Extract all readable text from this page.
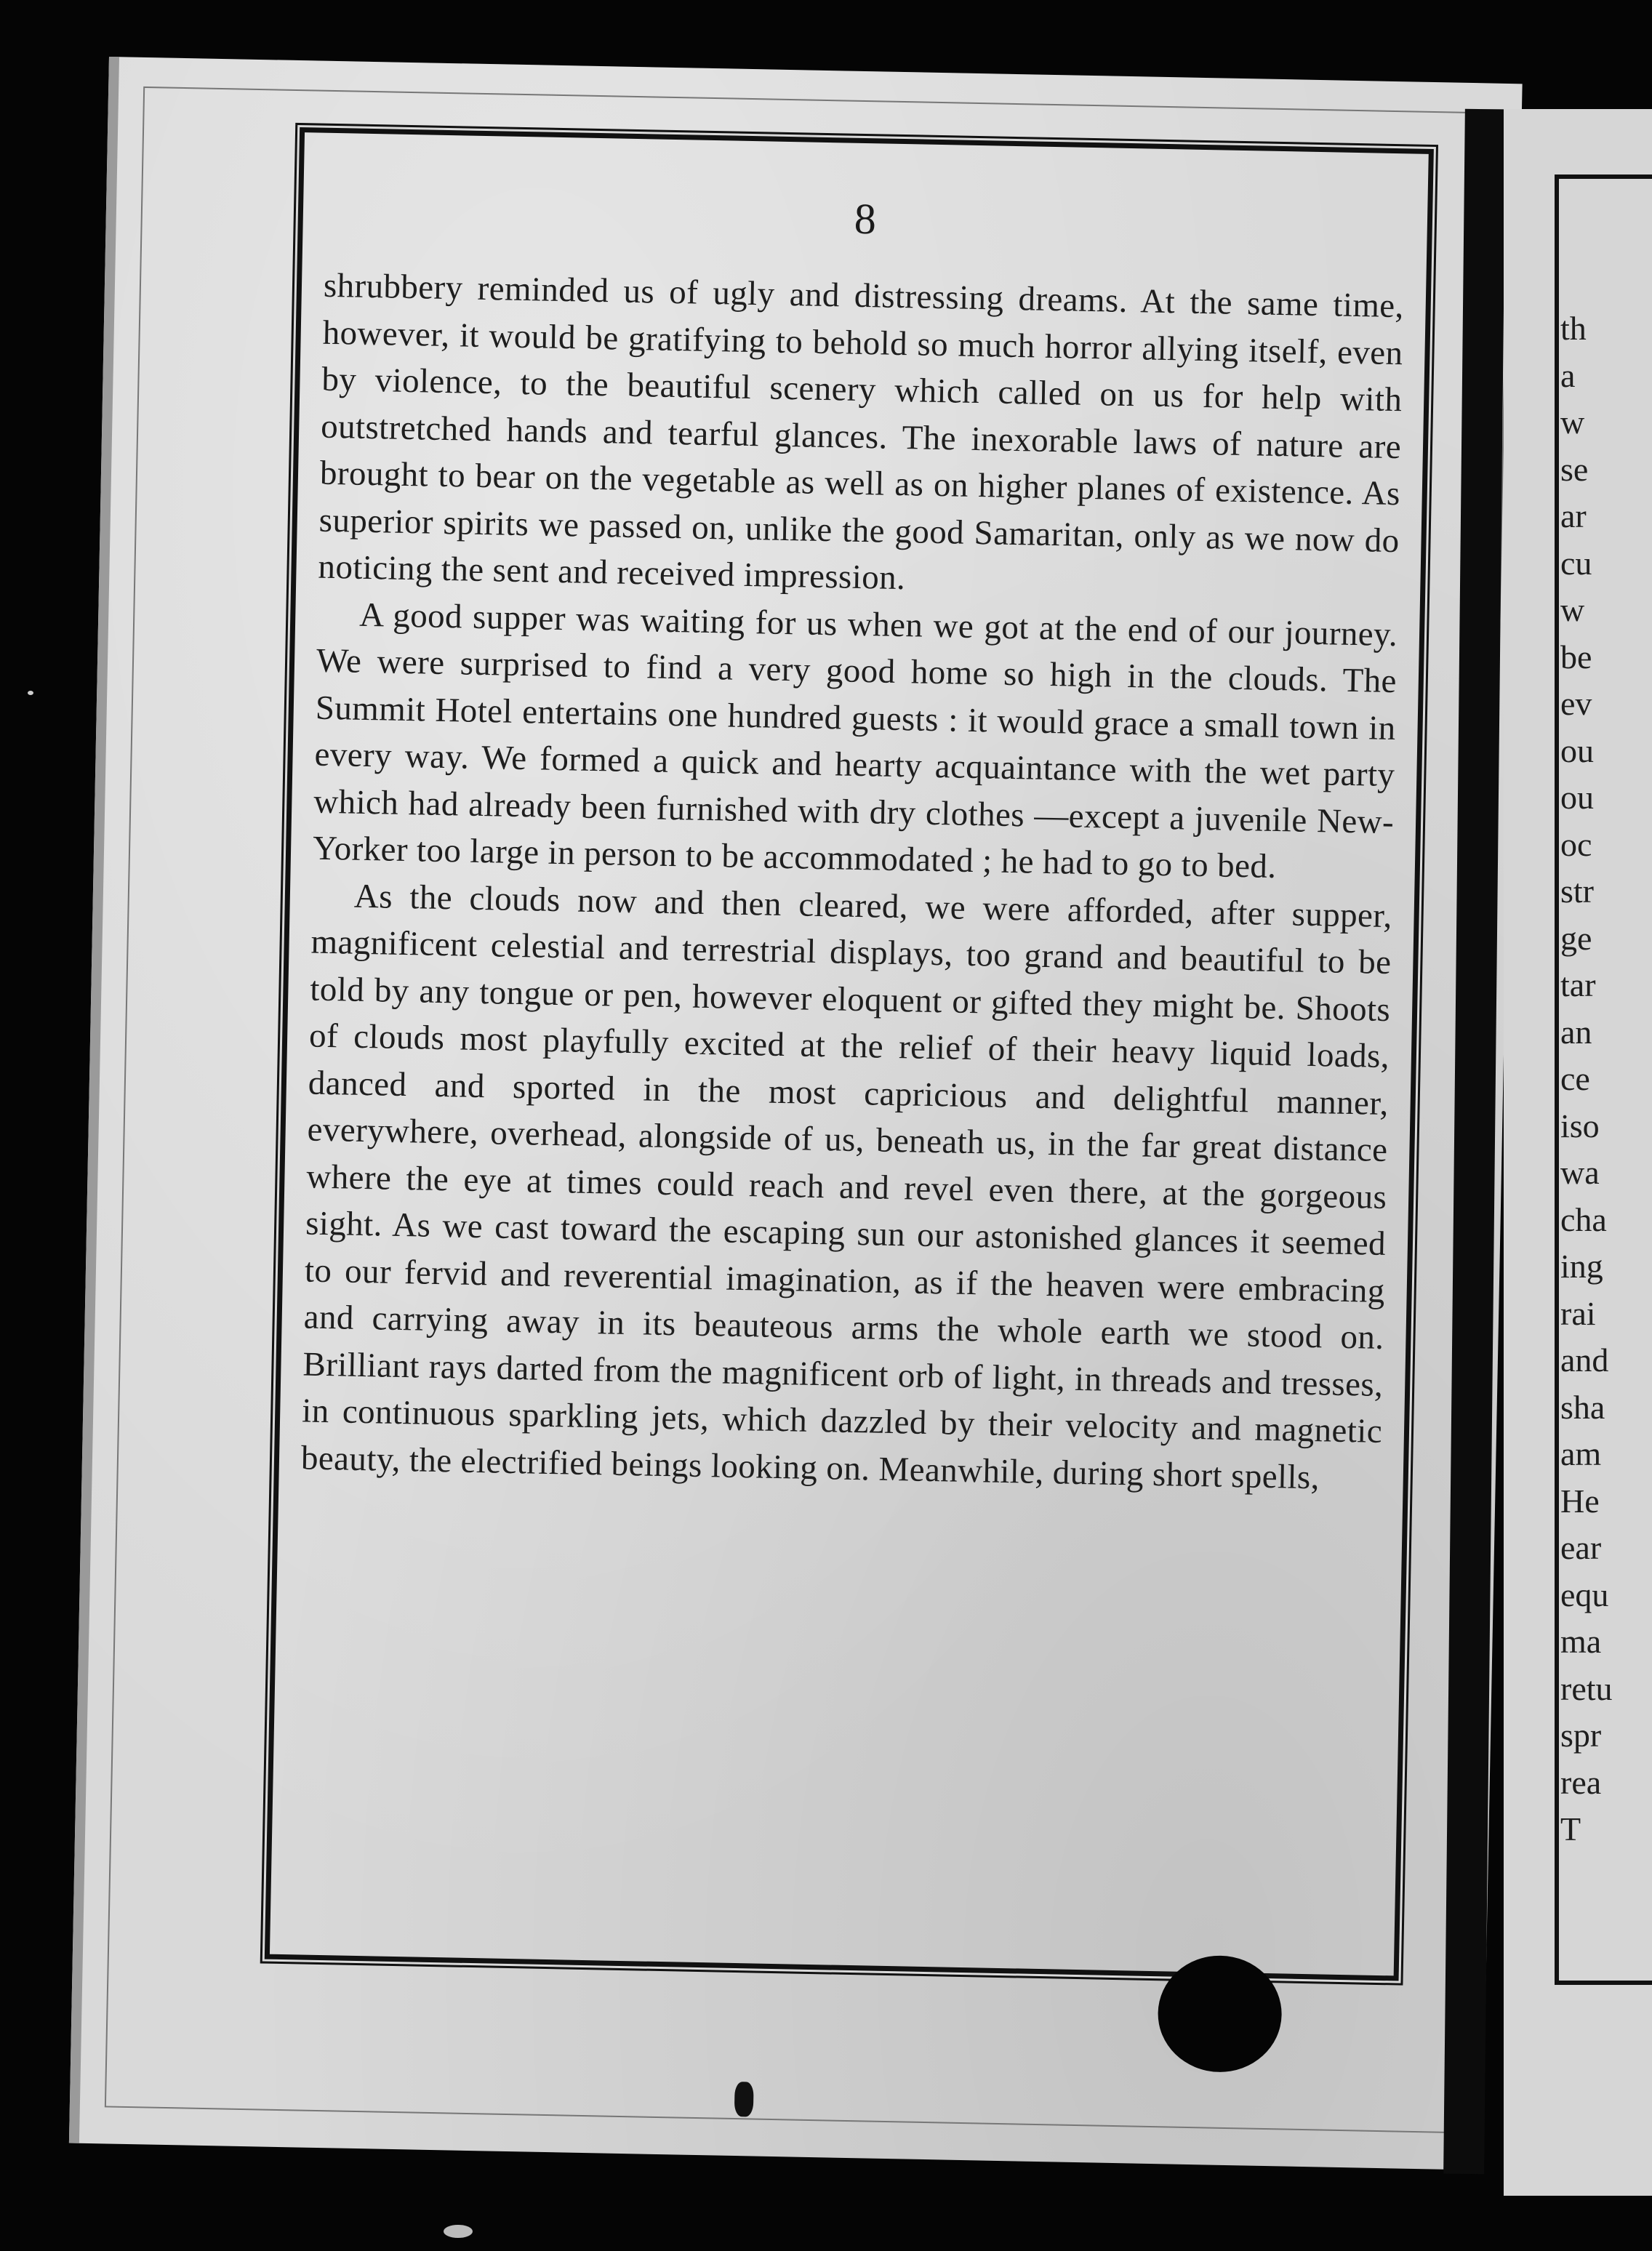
8

shrubbery reminded us of ugly and distressing dreams. At the same time, however, it would be gratifying to behold so much horror allying itself, even by violence, to the beautiful scenery which called on us for help with outstretched hands and tearful glances. The inexorable laws of nature are brought to bear on the vegetable as well as on higher planes of existence. As superior spirits we passed on, unlike the good Samaritan, only as we now do noticing the sent and received impression.

A good supper was waiting for us when we got at the end of our journey. We were surprised to find a very good home so high in the clouds. The Summit Hotel entertains one hundred guests : it would grace a small town in every way. We formed a quick and hearty acquaintance with the wet party which had already been furnished with dry clothes —except a juvenile New-Yorker too large in person to be accommodated ; he had to go to bed.

As the clouds now and then cleared, we were afforded, after supper, magnificent celestial and terrestrial displays, too grand and beautiful to be told by any tongue or pen, however eloquent or gifted they might be. Shoots of clouds most playfully excited at the relief of their heavy liquid loads, danced and sported in the most capricious and delightful manner, everywhere, overhead, alongside of us, beneath us, in the far great distance where the eye at times could reach and revel even there, at the gorgeous sight. As we cast toward the escaping sun our astonished glances it seemed to our fervid and reverential imagination, as if the heaven were embracing and carrying away in its beauteous arms the whole earth we stood on. Brilliant rays darted from the magnificent orb of light, in threads and tresses, in continuous sparkling jets, which dazzled by their velocity and magnetic beauty, the electrified beings looking on. Meanwhile, during short spells,

th
a
w
se
ar
cu
w
be
ev
ou
ou
oc
str
ge
tar
an
ce
iso
wa
cha
ing
rai
and
sha
am
He
ear
equ
ma
retu
spr
rea
T
